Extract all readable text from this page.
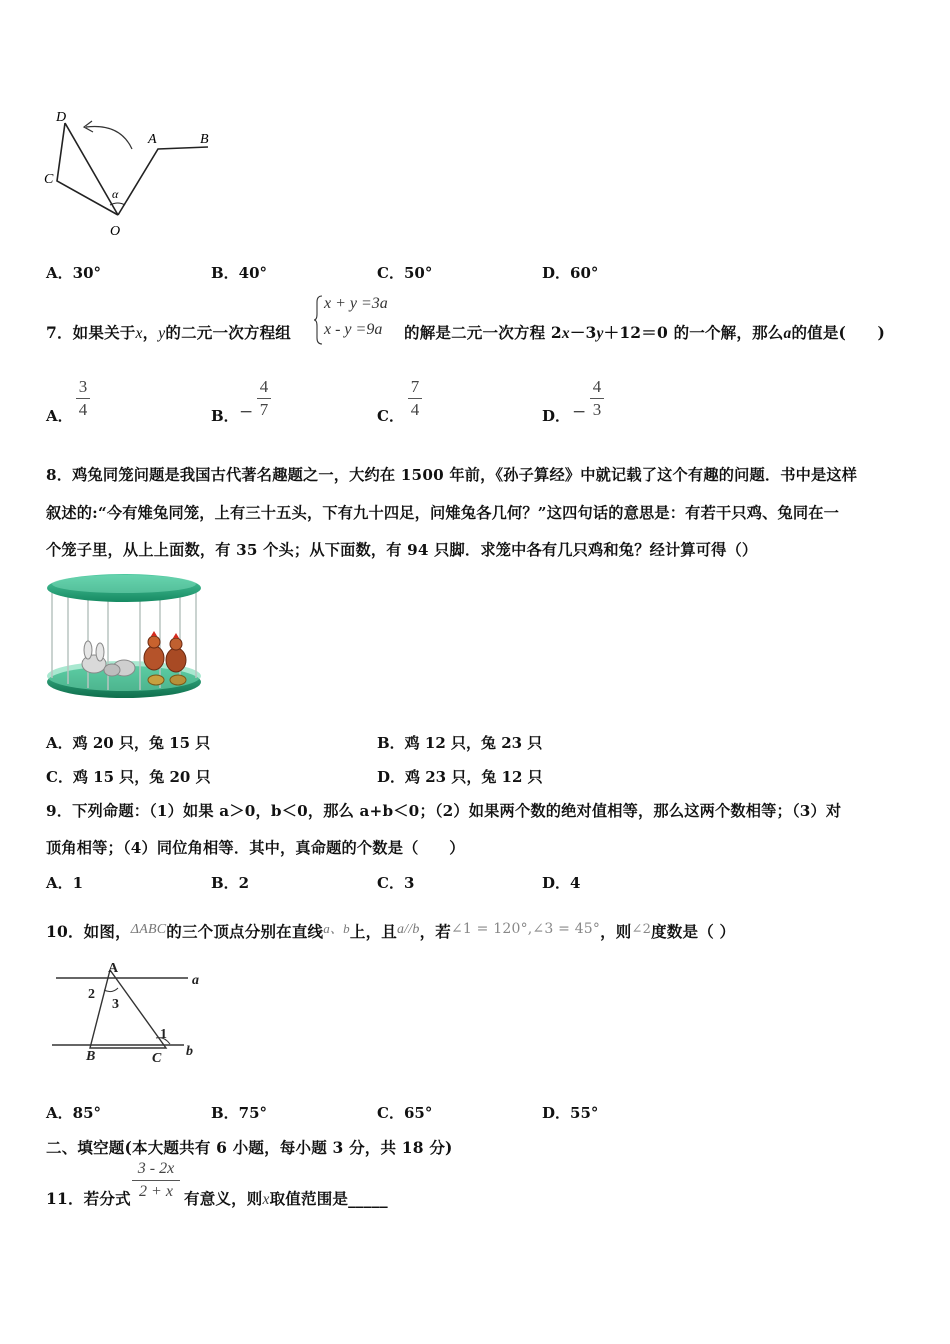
D
C
O
A	B
α
A．30°	B．40°	C．50°	D．60°
7．如果关于x，y的二元一次方程组
x + y =3a
x - y =9a 的解是二元一次方程 2x－3y＋12＝0 的一个解，那么a的值是(　　)
A．
3
4	B． −
4
7	C．
7
4	D． −
4
3
8．鸡兔同笼问题是我国古代著名趣题之一，大约在 1500 年前，《孙子算经》中就记载了这个有趣的问题．书中是这样
叙述的:“今有雉兔同笼，上有三十五头，下有九十四足，问雉兔各几何？”这四句话的意思是：有若干只鸡、兔同在一
个笼子里，从上上面数，有 35 个头；从下面数，有 94 只脚．求笼中各有几只鸡和兔？经计算可得（）
A．鸡 20 只，兔 15 只	B．鸡 12 只，兔 23 只
C．鸡 15 只，兔 20 只	D．鸡 23 只，兔 12 只
9．下列命题：（1）如果 a＞0，b＜0，那么 a+b＜0；（2）如果两个数的绝对值相等，那么这两个数相等；（3）对
顶角相等；（4）同位角相等．其中，真命题的个数是（　　）
A．1	B．2	C．3	D．4
10．如图，ΔABC的三个顶点分别在直线$^{a、b}$上，且a//b，若∠1 = 120°,∠3 = 45°，则$^{\angle 2}$度数是（ ）
A
a
b
B	C
1
2
3
A．85°	B．75°	C．65°	D．55°
二、填空题(本大题共有 6 小题，每小题 3 分，共 18 分)
11．若分式
3 - 2x
2 + x 有意义，则x取值范围是_____
